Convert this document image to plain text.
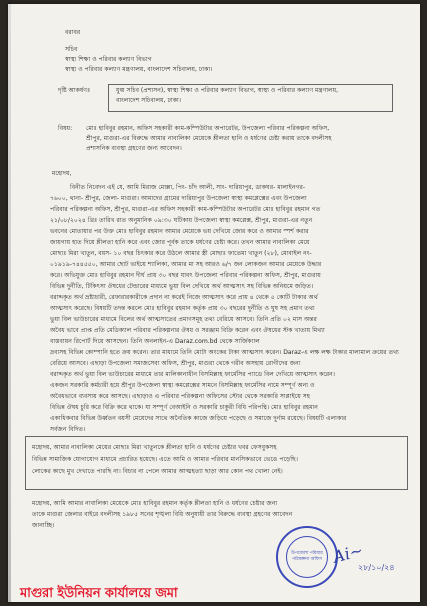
বরাবর
সচিব
স্বাস্থ্য শিক্ষা ও পরিবার কল্যাণ বিভাগ
স্বাস্থ্য ও পরিবার কল্যাণ মন্ত্রণালয়, বাংলাদেশ সচিবালয়, ঢাকা।
দৃষ্টি আকর্ষণঃ	যুগ্ম সচিব (প্রশাসন), স্বাস্থ্য শিক্ষা ও পরিবার কল্যাণ বিভাগ, স্বাস্থ্য ও পরিবার কল্যাণ মন্ত্রণালয়,
বাংলাদেশ সচিবালয়, ঢাকা।
বিষয়: মোঃ হাবিবুর রহমান, অফিস সহকারী কাম-কম্পিউটার অপারেটর, উপজেলা পরিবার পরিকল্পনা অফিস,
শ্রীপুর, মাগুরা-এর বিরুদ্ধে আমার নাবালিকা মেয়েকে শ্লীলতা হানি ও ধর্ষণের চেষ্টা করায় তাকে বদলীসহ
প্রশাসনিক ব্যবস্থা গ্রহণের জন্য আবেদন।
মহোদয়,
বিনীত নিবেদন এই যে, আমি মিরাজ মোল্লা, পিং- চাঁদ আলী, সাং- দারিয়াপুর, ডাকঘর- মালাইনগর-
৭৬০০, থানা- শ্রীপুর, জেলা- মাগুরা। আমাদের গ্রামের দারিয়াপুর উপজেলা স্বাস্থ্য কমপ্লেক্সের এবং উপজেলা
পরিবার পরিকল্পনা অফিস, শ্রীপুর, মাগুরা-এর অফিস সহকারী কাম-কম্পিউটার অপারেটর মোঃ হাবিবুর রহমান গত
২১/০৮/২০২৪ খ্রিঃ তারিখ রাত অনুমানিক ০৯:৩০ ঘটিকায় উপজেলা স্বাস্থ্য কমপ্লেক্স, শ্রীপুর, মাগুরা-এর নতুন
ভবনের মোতায়ার পর উক্ত মোঃ হাবিবুর রহমান আমার মেয়েকে ভয় দেখিয়ে জোর করে ও আমার স্পর্শ করার
জায়গায় হাত দিয়ে শ্লীলতা হানি করে এবং জোর পূর্বক তাকে ধর্ষণের চেষ্টা করে। তখন আমার নাবালিকা মেয়ে
মোছাঃ মিরা খাতুন, বয়স- ১০ বছর চিৎকার করে উঠলে আমার স্ত্রী মোছাঃ ফাতেমা খাতুন (২৮), মোবাইল নং-
০১৯১৯-৭৪৪৫৫০, আমার ছোট ভাইয়ে শ্যালিকা, আমার মা সহ আরও ৬/৭ জন লোকজন আমার মেয়েকে উদ্ধার
করে। অভিযুক্ত মোঃ হাবিবুর রহমান দীর্ঘ প্রায় ৩০ বছর যাবৎ উপজেলা পরিবার পরিকল্পনা অফিস, শ্রীপুর, মাগুরায়
বিভিন্ন দুর্নীতি, টিকিৎসা ঔষধের টেন্ডারের মাধ্যমে ভুয়া বিল দেখিয়ে অর্থ আত্মসাৎ সহ বিভিন্ন অনিয়মে জড়িত।
বরাদ্দকৃত অর্থ ভ্রষ্টাচারী, রেফারারকারীকে প্রদান না করেই নিজে আত্মসাৎ করে প্রায় ৪ থেকে ৫ কোটি টাকার অর্থ
আত্মসাৎ করেছে। বিষয়টি তদন্ত করলে মোঃ হাবিবুর রহমান কর্তৃক প্রায় ৩০ বছরের দুর্নীতি ও ঘুষ সহ প্রমাণ তথ্য
ভুয়া বিল ভাউচারের মাধ্যমে বিলের অর্থ আত্মসাতের প্রমাণসমূহ তথ্য বেরিয়ে আসবে। তিনি প্রতি ০২ মাস অন্তর
অবৈধ ভাবে প্রাপ্ত প্রতি মেডিক্যাল পরিবার পরিকল্পনার ঔষধ ও সরঞ্জাম বিক্রি করেন এবং ঔষধের স্টক খাতায় মিথ্যা
বাস্তবায়ন রিপোর্ট দিয়ে আসছেন। তিনি অনলাইন-এ Daraz.com.bd থেকে সার্জিক্যাল
দ্রব্যসহ বিভিন্ন কোম্পানি হতে ক্রয় করেন। তার মাধ্যমে তিনি মোটা অংকের টাকা আত্মসাৎ করেন। Daraz-এ লক্ষ লক্ষ টাকার মালামাল ক্রয়ের তথ্য
বেরিয়ে আসবে। এছাড়া উপজেলা সমাজসেবা অফিস, শ্রীপুর, মাগুরা থেকে গরীব অসহায় রোগীদের জন্য
বরাদ্দকৃত অর্থ ভুয়া বিল ভাউচারের মাধ্যমে তার মালিকানাধীন বিসমিল্লাহ ফার্মেসির প্যাডে বিল দেখিয়ে আত্মসাৎ করেন।
একজন সরকারি কর্মচারী হয়ে শ্রীপুর উপজেলা স্বাস্থ্য কমপ্লেক্সের সামনে বিসমিল্লাহ ফার্মেসির নামে সম্পূর্ণ অন্য ও
অবৈধভাবে ব্যবসায় করে আসছে। এছাড়াও এ পরিবার পরিকল্পনা অফিসের স্টোর থেকে সরকারি সাপ্লাইয়ে সহ
বিভিন্ন ঔষধ চুরি করে বিক্রি করে থাকে। যা সম্পূর্ণ বেআইনি ও সরকারি চাকুরী বিধি পরিপন্থি। মোঃ হাবিবুর রহমান
একাধিকবার বিভিন্ন উর্ধ্বতন বয়সী মেয়েদের সাথে অনৈতিক কাজে জড়িয়ে পড়েছে ও সমাজে দুর্নাম রয়েছে। বিষয়টি এলাকার
সর্বজন বিদিত।
মহোদয়, আমার নাবালিকা মেয়ের মোছাঃ মিরা খাতুনকে শ্লীলতা হানি ও ধর্ষণের চেষ্টার খবর ফেসবুকসহ
বিভিন্ন সামাজিক যোগাযোগ মাধ্যমে প্রচারিত হয়েছে। এতে আমি ও আমার পরিবার মানসিকভাবে ভেঙে পড়েছি।
লোকের কাছে মুখ দেখাতে পারছি না। বিচার না পেলে আমার আত্মহত্যা ছাড়া আর কোন পথ খোলা নেই।
মহোদয়, আমি আমার নাবালিকা মেয়েকে মোঃ হাবিবুর রহমান কর্তৃক শ্লীলতা হানি ও ধর্ষণের চেষ্টার জন্য
তাকে মাগুরা জেলার বাইরে বদলীসহ ১৯৮৫ সনের শৃঙ্খলা বিধি অনুযায়ী তার বিরুদ্ধে ব্যবস্থা গ্রহণের আবেদন
জানাচ্ছি।
উপজেলা পরিবার পরিকল্পনা অফিস Ai~
২৮/১০/২৪
মাগুরা ইউনিয়ন কার্যালয়ে জমা
